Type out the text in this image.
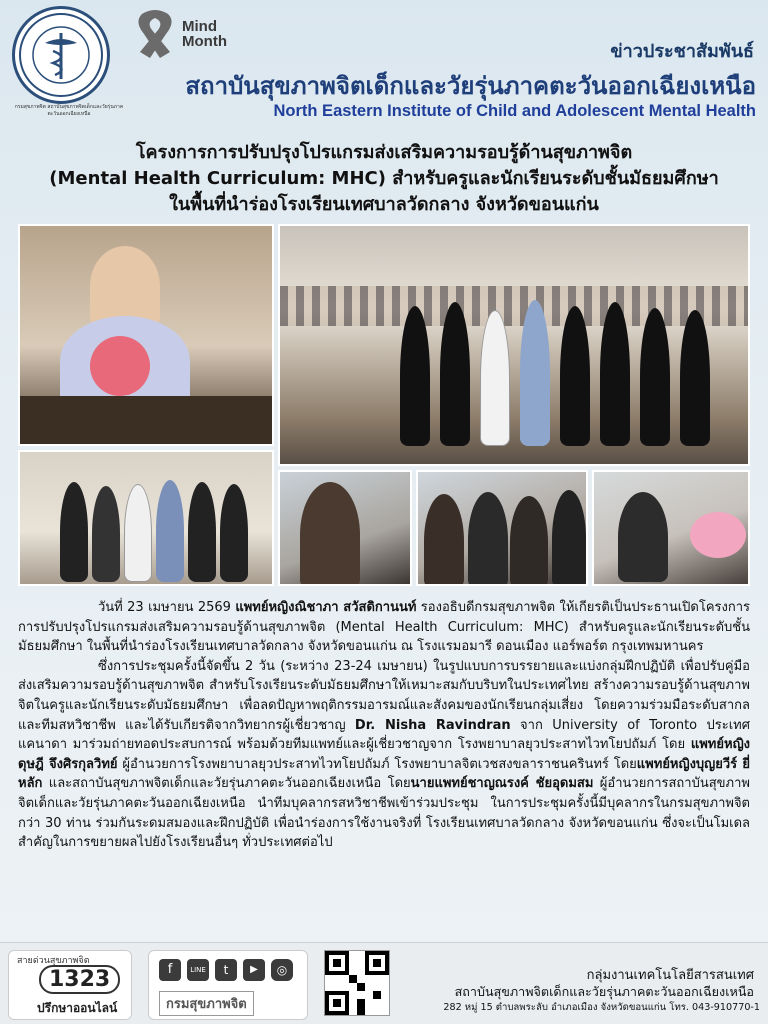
กรมสุขภาพจิต สถาบันสุขภาพจิตเด็กและวัยรุ่นภาคตะวันออกเฉียงเหนือ
Mind Month	ข่าวประชาสัมพันธ์
สถาบันสุขภาพจิตเด็กและวัยรุ่นภาคตะวันออกเฉียงเหนือ
North Eastern Institute of Child and Adolescent Mental Health
โครงการการปรับปรุงโปรแกรมส่งเสริมความรอบรู้ด้านสุขภาพจิต
(Mental Health Curriculum: MHC) สำหรับครูและนักเรียนระดับชั้นมัธยมศึกษา
ในพื้นที่นำร่องโรงเรียนเทศบาลวัดกลาง จังหวัดขอนแก่น

วันที่ 23 เมษายน 2569 แพทย์หญิงณิชาภา สวัสดิกานนท์ รองอธิบดีกรมสุขภาพจิต ให้เกียรติเป็นประธานเปิดโครงการการปรับปรุงโปรแกรมส่งเสริมความรอบรู้ด้านสุขภาพจิต (Mental Health Curriculum: MHC) สำหรับครูและนักเรียนระดับชั้นมัธยมศึกษา ในพื้นที่นำร่องโรงเรียนเทศบาลวัดกลาง จังหวัดขอนแก่น ณ โรงแรมอมารี ดอนเมือง แอร์พอร์ต กรุงเทพมหานคร

ซึ่งการประชุมครั้งนี้จัดขึ้น 2 วัน (ระหว่าง 23-24 เมษายน) ในรูปแบบการบรรยายและแบ่งกลุ่มฝึกปฏิบัติ เพื่อปรับคู่มือส่งเสริมความรอบรู้ด้านสุขภาพจิต สำหรับโรงเรียนระดับมัธยมศึกษาให้เหมาะสมกับบริบทในประเทศไทย สร้างความรอบรู้ด้านสุขภาพจิตในครูและนักเรียนระดับมัธยมศึกษา เพื่อลดปัญหาพฤติกรรมอารมณ์และสังคมของนักเรียนกลุ่มเสี่ยง โดยความร่วมมือระดับสากลและทีมสหวิชาชีพ และได้รับเกียรติจากวิทยากรผู้เชี่ยวชาญ Dr. Nisha Ravindran จาก University of Toronto ประเทศแคนาดา มาร่วมถ่ายทอดประสบการณ์ พร้อมด้วยทีมแพทย์และผู้เชี่ยวชาญจาก โรงพยาบาลยุวประสาทไวทโยปถัมภ์ โดย แพทย์หญิงดุษฎี จึงศิรกุลวิทย์ ผู้อำนวยการโรงพยาบาลยุวประสาทไวทโยปถัมภ์ โรงพยาบาลจิตเวชสงขลาราชนครินทร์ โดยแพทย์หญิงบุญยวีร์ ยี่หลัก และสถาบันสุขภาพจิตเด็กและวัยรุ่นภาคตะวันออกเฉียงเหนือ โดยนายแพทย์ชาญณรงค์ ชัยอุดมสม ผู้อำนวยการสถาบันสุขภาพจิตเด็กและวัยรุ่นภาคตะวันออกเฉียงเหนือ นำทีมบุคลากรสหวิชาชีพเข้าร่วมประชุม ในการประชุมครั้งนี้มีบุคลากรในกรมสุขภาพจิตกว่า 30 ท่าน ร่วมกันระดมสมองและฝึกปฏิบัติ เพื่อนำร่องการใช้งานจริงที่ โรงเรียนเทศบาลวัดกลาง จังหวัดขอนแก่น ซึ่งจะเป็นโมเดลสำคัญในการขยายผลไปยังโรงเรียนอื่นๆ ทั่วประเทศต่อไป

สายด่วนสุขภาพจิต
1323
ปรึกษาออนไลน์
f	LINE	t	▶	◎
กรมสุขภาพจิต
กลุ่มงานเทคโนโลยีสารสนเทศ
สถาบันสุขภาพจิตเด็กและวัยรุ่นภาคตะวันออกเฉียงเหนือ
282 หมู่ 15 ตำบลพระลับ อำเภอเมือง จังหวัดขอนแก่น โทร. 043-910770-1
